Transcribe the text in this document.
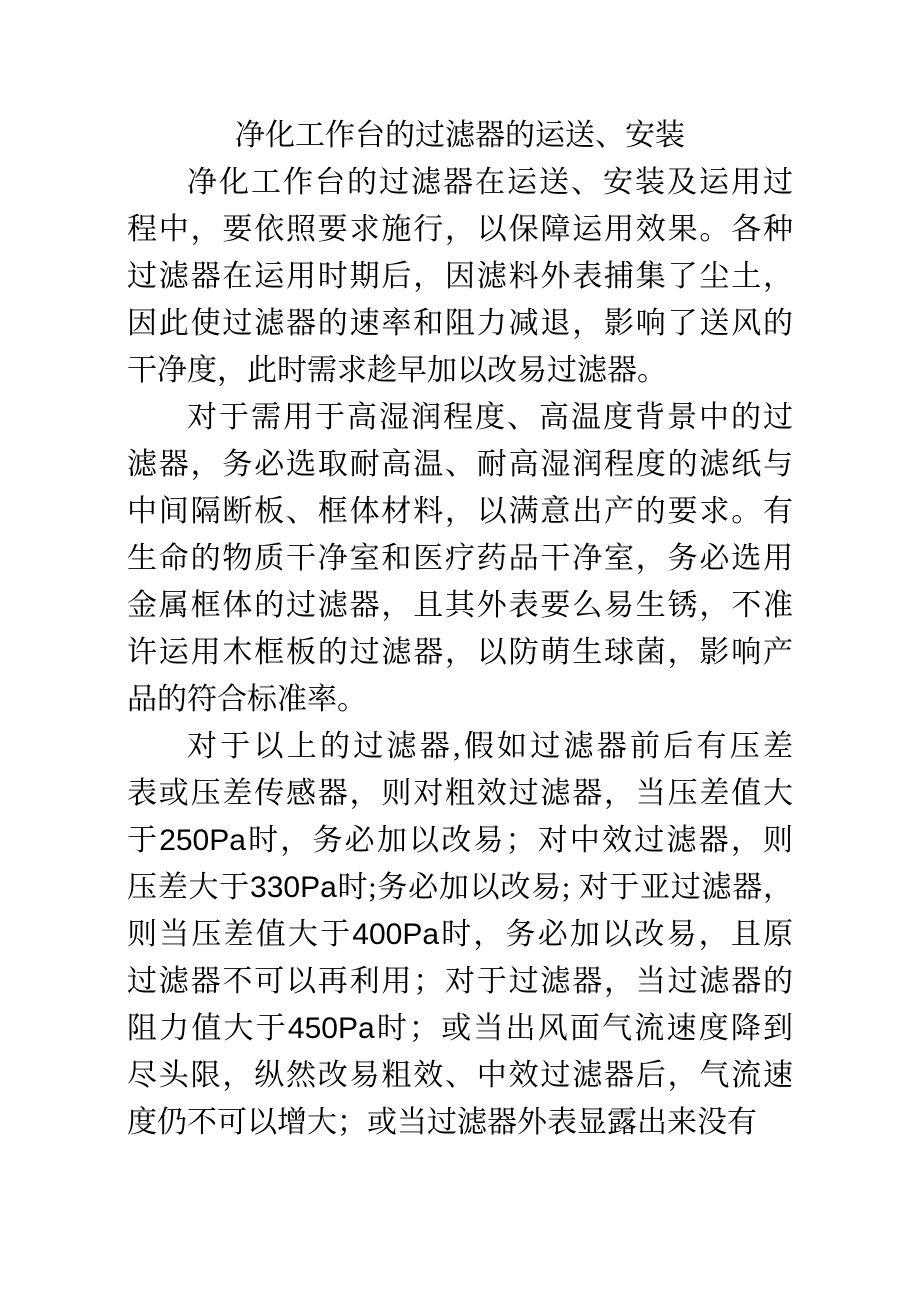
净化工作台的过滤器的运送、安装
净化工作台的过滤器在运送、安装及运用过
程中，要依照要求施行，以保障运用效果。各种
过滤器在运用时期后，因滤料外表捕集了尘土，
因此使过滤器的速率和阻力减退，影响了送风的
干净度，此时需求趁早加以改易过滤器。
对于需用于高湿润程度、高温度背景中的过
滤器，务必选取耐高温、耐高湿润程度的滤纸与
中间隔断板、框体材料，以满意出产的要求。有
生命的物质干净室和医疗药品干净室，务必选用
金属框体的过滤器，且其外表要么易生锈，不准
许运用木框板的过滤器，以防萌生球菌，影响产
品的符合标准率。
对于以上的过滤器,假如过滤器前后有压差
表或压差传感器，则对粗效过滤器，当压差值大
于250Pa时，务必加以改易；对中效过滤器，则
压差大于330Pa时;务必加以改易; 对于亚过滤器，
则当压差值大于400Pa时，务必加以改易，且原
过滤器不可以再利用；对于过滤器，当过滤器的
阻力值大于450Pa时；或当出风面气流速度降到
尽头限，纵然改易粗效、中效过滤器后，气流速
度仍不可以增大；或当过滤器外表显露出来没有
